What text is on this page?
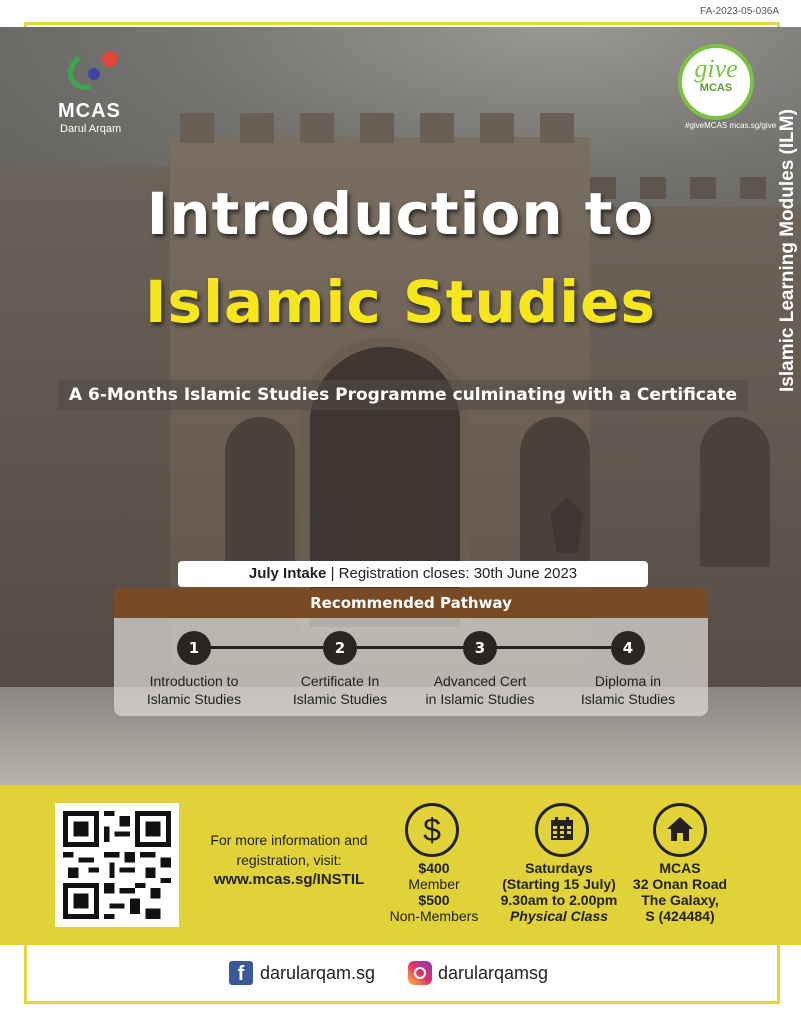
FA-2023-05-036A
MCAS
Darul Arqam
give
MCAS
#giveMCAS mcas.sg/give Islamic Learning Modules (ILM)
Introduction to
Islamic Studies
A 6-Months Islamic Studies Programme culminating with a Certificate
July Intake | Registration closes: 30th June 2023
Recommended Pathway
1
Introduction to
Islamic Studies
2
Certificate In
Islamic Studies
3
Advanced Cert
in Islamic Studies
4
Diploma in
Islamic Studies
For more information and
registration, visit:
www.mcas.sg/INSTIL
$
$400
Member
$500
Non-Members
Saturdays
(Starting 15 July)
9.30am to 2.00pm
Physical Class
MCAS
32 Onan Road
The Galaxy,
S (424484)
f darularqam.sg	darularqamsg
